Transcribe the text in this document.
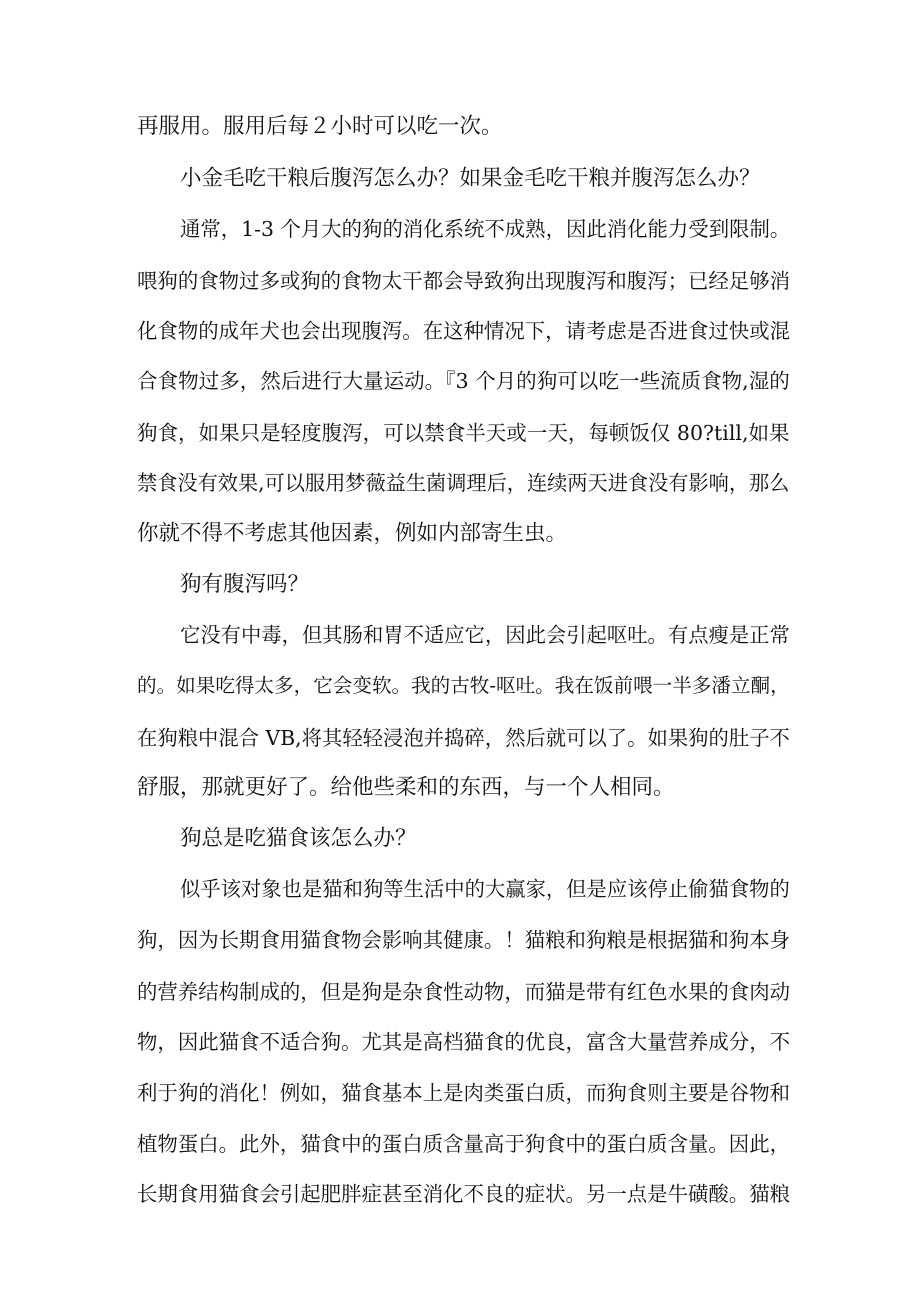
再服用。服用后每２小时可以吃一次。
小金毛吃干粮后腹泻怎么办？如果金毛吃干粮并腹泻怎么办？
通常，1-3 个月大的狗的消化系统不成熟，因此消化能力受到限制。
喂狗的食物过多或狗的食物太干都会导致狗出现腹泻和腹泻；已经足够消
化食物的成年犬也会出现腹泻。在这种情况下，请考虑是否进食过快或混
合食物过多，然后进行大量运动。『3 个月的狗可以吃一些流质食物,湿的
狗食，如果只是轻度腹泻，可以禁食半天或一天，每顿饭仅 80?till,如果
禁食没有效果,可以服用梦薇益生菌调理后，连续两天进食没有影响，那么
你就不得不考虑其他因素，例如内部寄生虫。
狗有腹泻吗？
它没有中毒，但其肠和胃不适应它，因此会引起呕吐。有点瘦是正常
的。如果吃得太多，它会变软。我的古牧-呕吐。我在饭前喂一半多潘立酮，
在狗粮中混合 VB,将其轻轻浸泡并捣碎，然后就可以了。如果狗的肚子不
舒服，那就更好了。给他些柔和的东西，与一个人相同。
狗总是吃猫食该怎么办？
似乎该对象也是猫和狗等生活中的大赢家，但是应该停止偷猫食物的
狗，因为长期食用猫食物会影响其健康。！猫粮和狗粮是根据猫和狗本身
的营养结构制成的，但是狗是杂食性动物，而猫是带有红色水果的食肉动
物，因此猫食不适合狗。尤其是高档猫食的优良，富含大量营养成分，不
利于狗的消化！例如，猫食基本上是肉类蛋白质，而狗食则主要是谷物和
植物蛋白。此外，猫食中的蛋白质含量高于狗食中的蛋白质含量。因此，
长期食用猫食会引起肥胖症甚至消化不良的症状。另一点是牛磺酸。猫粮
